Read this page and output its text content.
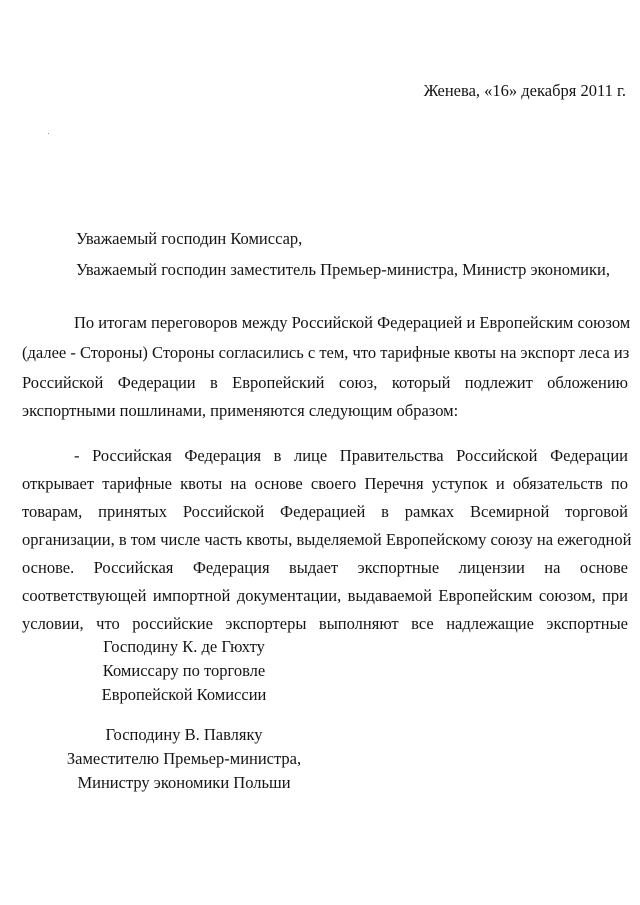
Женева, «16» декабря 2011 г.
Уважаемый господин Комиссар,
Уважаемый господин заместитель Премьер-министра, Министр экономики,
По итогам переговоров между Российской Федерацией и Европейским союзом
(далее - Стороны) Стороны согласились с тем, что тарифные квоты на экспорт леса из
Российской Федерации в Европейский союз, который подлежит обложению
экспортными пошлинами, применяются следующим образом:
- Российская Федерация в лице Правительства Российской Федерации
открывает тарифные квоты на основе своего Перечня уступок и обязательств по
товарам, принятых Российской Федерацией в рамках Всемирной торговой
организации, в том числе часть квоты, выделяемой Европейскому союзу на ежегодной
основе. Российская Федерация выдает экспортные лицензии на основе
соответствующей импортной документации, выдаваемой Европейским союзом, при
условии, что российские экспортеры выполняют все надлежащие экспортные
Господину К. де Гюхту
Комиссару по торговле
Европейской Комиссии
Господину В. Павляку
Заместителю Премьер-министра,
Министру экономики Польши
